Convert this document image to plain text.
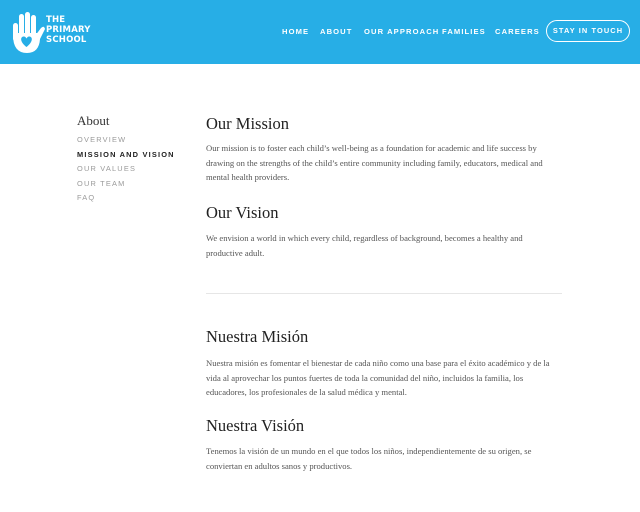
THE
PRIMARY
SCHOOL
HOME ABOUT OUR APPROACH FAMILIES CAREERS	STAY IN TOUCH
About
OVERVIEW
MISSION AND VISION
OUR VALUES
OUR TEAM
FAQ
Our Mission
Our mission is to foster each child’s well-being as a foundation for academic and life success by drawing on the strengths of the child’s entire community including family, educators, medical and mental health providers.
Our Vision
We envision a world in which every child, regardless of background, becomes a healthy and productive adult.
Nuestra Misión
Nuestra misión es fomentar el bienestar de cada niño como una base para el éxito académico y de la vida al aprovechar los puntos fuertes de toda la comunidad del niño, incluidos la familia, los educadores, los profesionales de la salud médica y mental.
Nuestra Visión
Tenemos la visión de un mundo en el que todos los niños, independientemente de su origen, se conviertan en adultos sanos y productivos.
